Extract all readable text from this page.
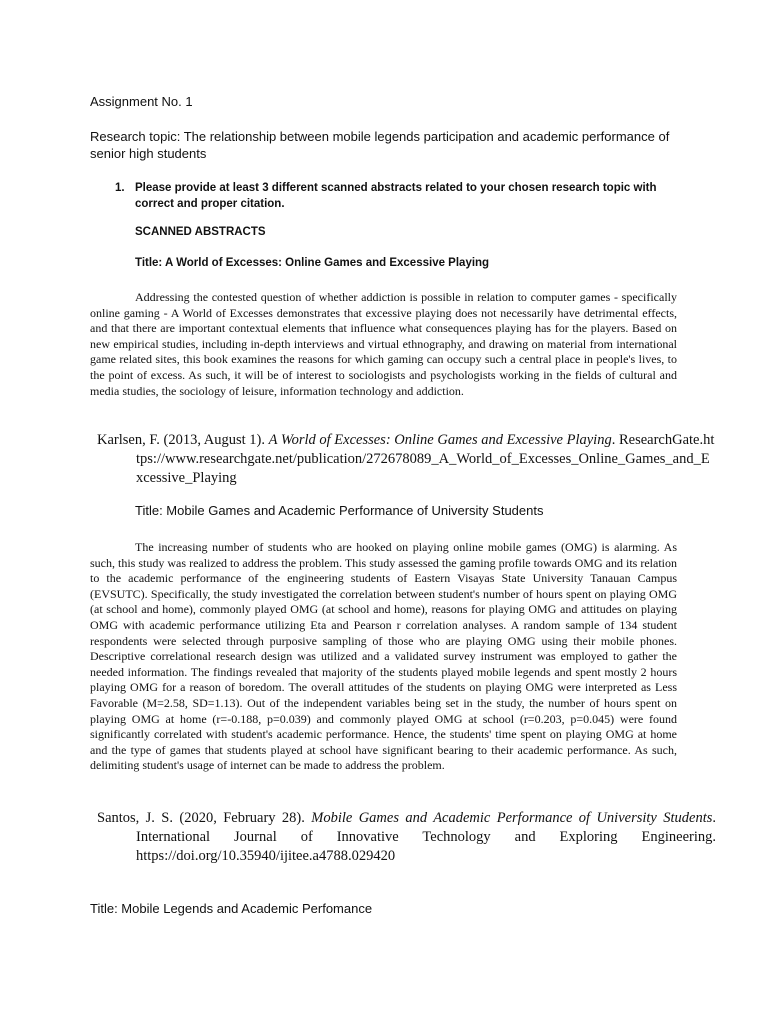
Assignment No. 1
Research topic: The relationship between mobile legends participation and academic performance of senior high students
1. Please provide at least 3 different scanned abstracts related to your chosen research topic with correct and proper citation.
SCANNED ABSTRACTS
Title: A World of Excesses: Online Games and Excessive Playing
Addressing the contested question of whether addiction is possible in relation to computer games - specifically online gaming - A World of Excesses demonstrates that excessive playing does not necessarily have detrimental effects, and that there are important contextual elements that influence what consequences playing has for the players. Based on new empirical studies, including in-depth interviews and virtual ethnography, and drawing on material from international game related sites, this book examines the reasons for which gaming can occupy such a central place in people's lives, to the point of excess. As such, it will be of interest to sociologists and psychologists working in the fields of cultural and media studies, the sociology of leisure, information technology and addiction.
Karlsen, F. (2013, August 1). A World of Excesses: Online Games and Excessive Playing. ResearchGate.https://www.researchgate.net/publication/272678089_A_World_of_Excesses_Online_Games_and_Excessive_Playing
Title: Mobile Games and Academic Performance of University Students
The increasing number of students who are hooked on playing online mobile games (OMG) is alarming. As such, this study was realized to address the problem. This study assessed the gaming profile towards OMG and its relation to the academic performance of the engineering students of Eastern Visayas State University Tanauan Campus (EVSUTC). Specifically, the study investigated the correlation between student's number of hours spent on playing OMG (at school and home), commonly played OMG (at school and home), reasons for playing OMG and attitudes on playing OMG with academic performance utilizing Eta and Pearson r correlation analyses. A random sample of 134 student respondents were selected through purposive sampling of those who are playing OMG using their mobile phones. Descriptive correlational research design was utilized and a validated survey instrument was employed to gather the needed information. The findings revealed that majority of the students played mobile legends and spent mostly 2 hours playing OMG for a reason of boredom. The overall attitudes of the students on playing OMG were interpreted as Less Favorable (M=2.58, SD=1.13). Out of the independent variables being set in the study, the number of hours spent on playing OMG at home (r=-0.188, p=0.039) and commonly played OMG at school (r=0.203, p=0.045) were found significantly correlated with student's academic performance. Hence, the students' time spent on playing OMG at home and the type of games that students played at school have significant bearing to their academic performance. As such, delimiting student's usage of internet can be made to address the problem.
Santos, J. S. (2020, February 28). Mobile Games and Academic Performance of University Students. International Journal of Innovative Technology and Exploring Engineering. https://doi.org/10.35940/ijitee.a4788.029420
Title: Mobile Legends and Academic Perfomance
